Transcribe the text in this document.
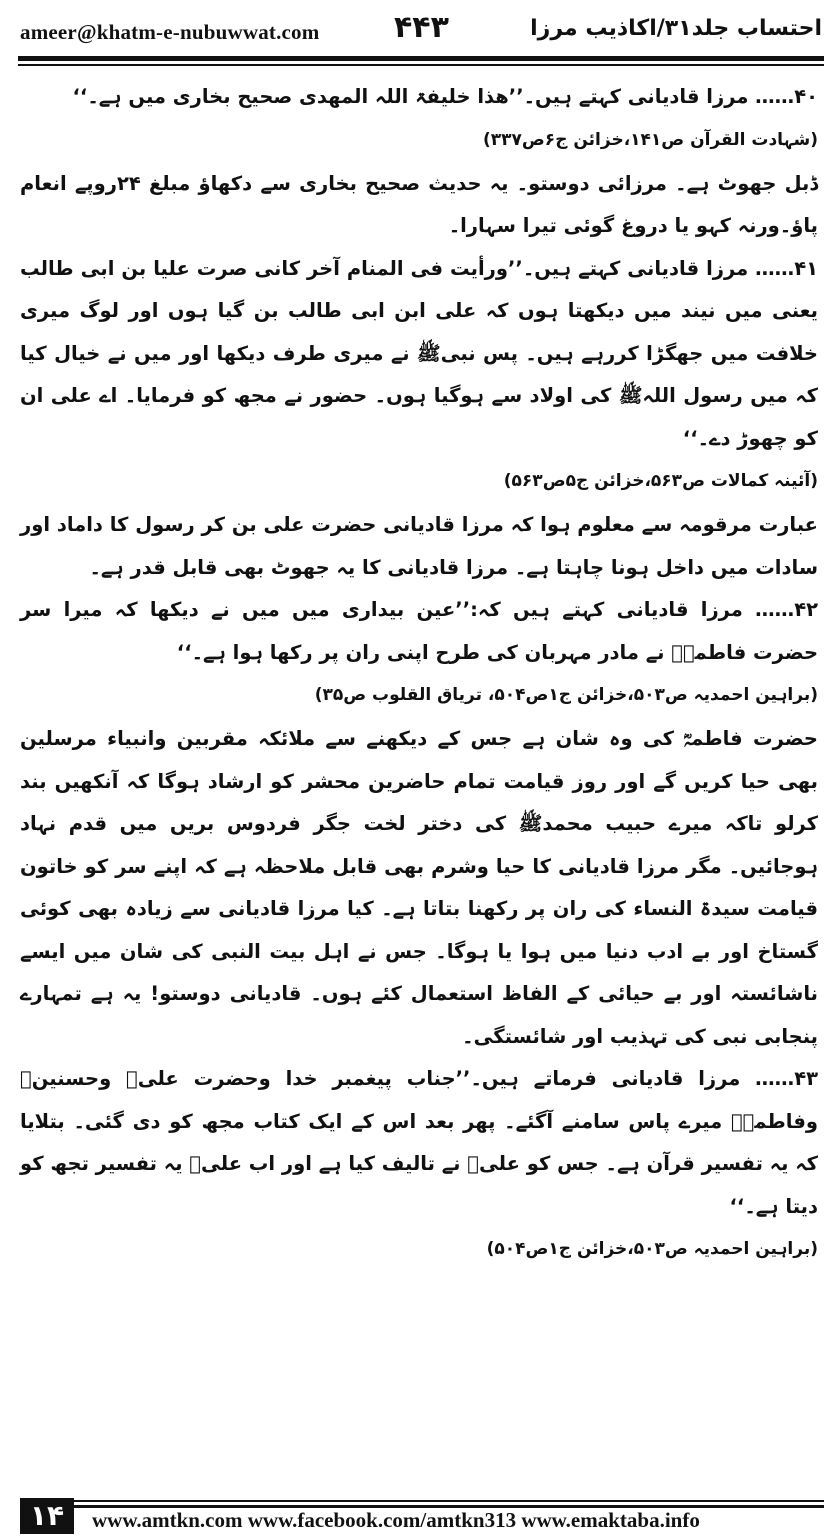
ameer@khatm-e-nubuwwat.com ۴۴۳	احتساب جلد۳۱/اکاذیب مرزا

۴۰…… مرزا قادیانی کہتے ہیں۔’’ھذا خلیفۃ اللہ المھدی صحیح بخاری میں ہے۔‘‘

(شہادت القرآن ص۱۴۱،خزائن ج۶ص۳۳۷)

ڈبل جھوٹ ہے۔ مرزائی دوستو۔ یہ حدیث صحیح بخاری سے دکھاؤ مبلغ ۲۴روپے انعام پاؤ۔ورنہ کہو یا دروغ گوئی تیرا سہارا۔

۴۱…… مرزا قادیانی کہتے ہیں۔’’ورأیت فی المنام آخر کانی صرت علیا بن ابی طالب یعنی میں نیند میں دیکھتا ہوں کہ علی ابن ابی طالب بن گیا ہوں اور لوگ میری خلافت میں جھگڑا کررہے ہیں۔ پس نبیﷺ نے میری طرف دیکھا اور میں نے خیال کیا کہ میں رسول اللہﷺ کی اولاد سے ہوگیا ہوں۔ حضور نے مجھ کو فرمایا۔ اے علی ان کو چھوڑ دے۔‘‘

(آئینہ کمالات ص۵۶۳،خزائن ج۵ص۵۶۳)

عبارت مرقومہ سے معلوم ہوا کہ مرزا قادیانی حضرت علی بن کر رسول کا داماد اور سادات میں داخل ہونا چاہتا ہے۔ مرزا قادیانی کا یہ جھوٹ بھی قابل قدر ہے۔

۴۲…… مرزا قادیانی کہتے ہیں کہ:’’عین بیداری میں میں نے دیکھا کہ میرا سر حضرت فاطمہؓ نے مادر مہربان کی طرح اپنی ران پر رکھا ہوا ہے۔‘‘

(براہین احمدیہ ص۵۰۳،خزائن ج۱ص۵۰۴، تریاق القلوب ص۳۵)

حضرت فاطمہؓ کی وہ شان ہے جس کے دیکھنے سے ملائکہ مقربین وانبیاء مرسلین بھی حیا کریں گے اور روز قیامت تمام حاضرین محشر کو ارشاد ہوگا کہ آنکھیں بند کرلو تاکہ میرے حبیب محمدﷺ کی دختر لخت جگر فردوس بریں میں قدم نہاد ہوجائیں۔ مگر مرزا قادیانی کا حیا وشرم بھی قابل ملاحظہ ہے کہ اپنے سر کو خاتون قیامت سیدۃ النساء کی ران پر رکھنا بتاتا ہے۔ کیا مرزا قادیانی سے زیادہ بھی کوئی گستاخ اور بے ادب دنیا میں ہوا یا ہوگا۔ جس نے اہل بیت النبی کی شان میں ایسے ناشائستہ اور بے حیائی کے الفاظ استعمال کئے ہوں۔ قادیانی دوستو! یہ ہے تمہارے پنجابی نبی کی تہذیب اور شائستگی۔

۴۳…… مرزا قادیانی فرماتے ہیں۔’’جناب پیغمبر خدا وحضرت علیؓ وحسنینؓ وفاطمہؓ میرے پاس سامنے آگئے۔ پھر بعد اس کے ایک کتاب مجھ کو دی گئی۔ بتلایا کہ یہ تفسیر قرآن ہے۔ جس کو علیؓ نے تالیف کیا ہے اور اب علیؓ یہ تفسیر تجھ کو دیتا ہے۔‘‘

(براہین احمدیہ ص۵۰۳،خزائن ج۱ص۵۰۴)
۱۴	www.amtkn.com www.facebook.com/amtkn313 www.emaktaba.info
